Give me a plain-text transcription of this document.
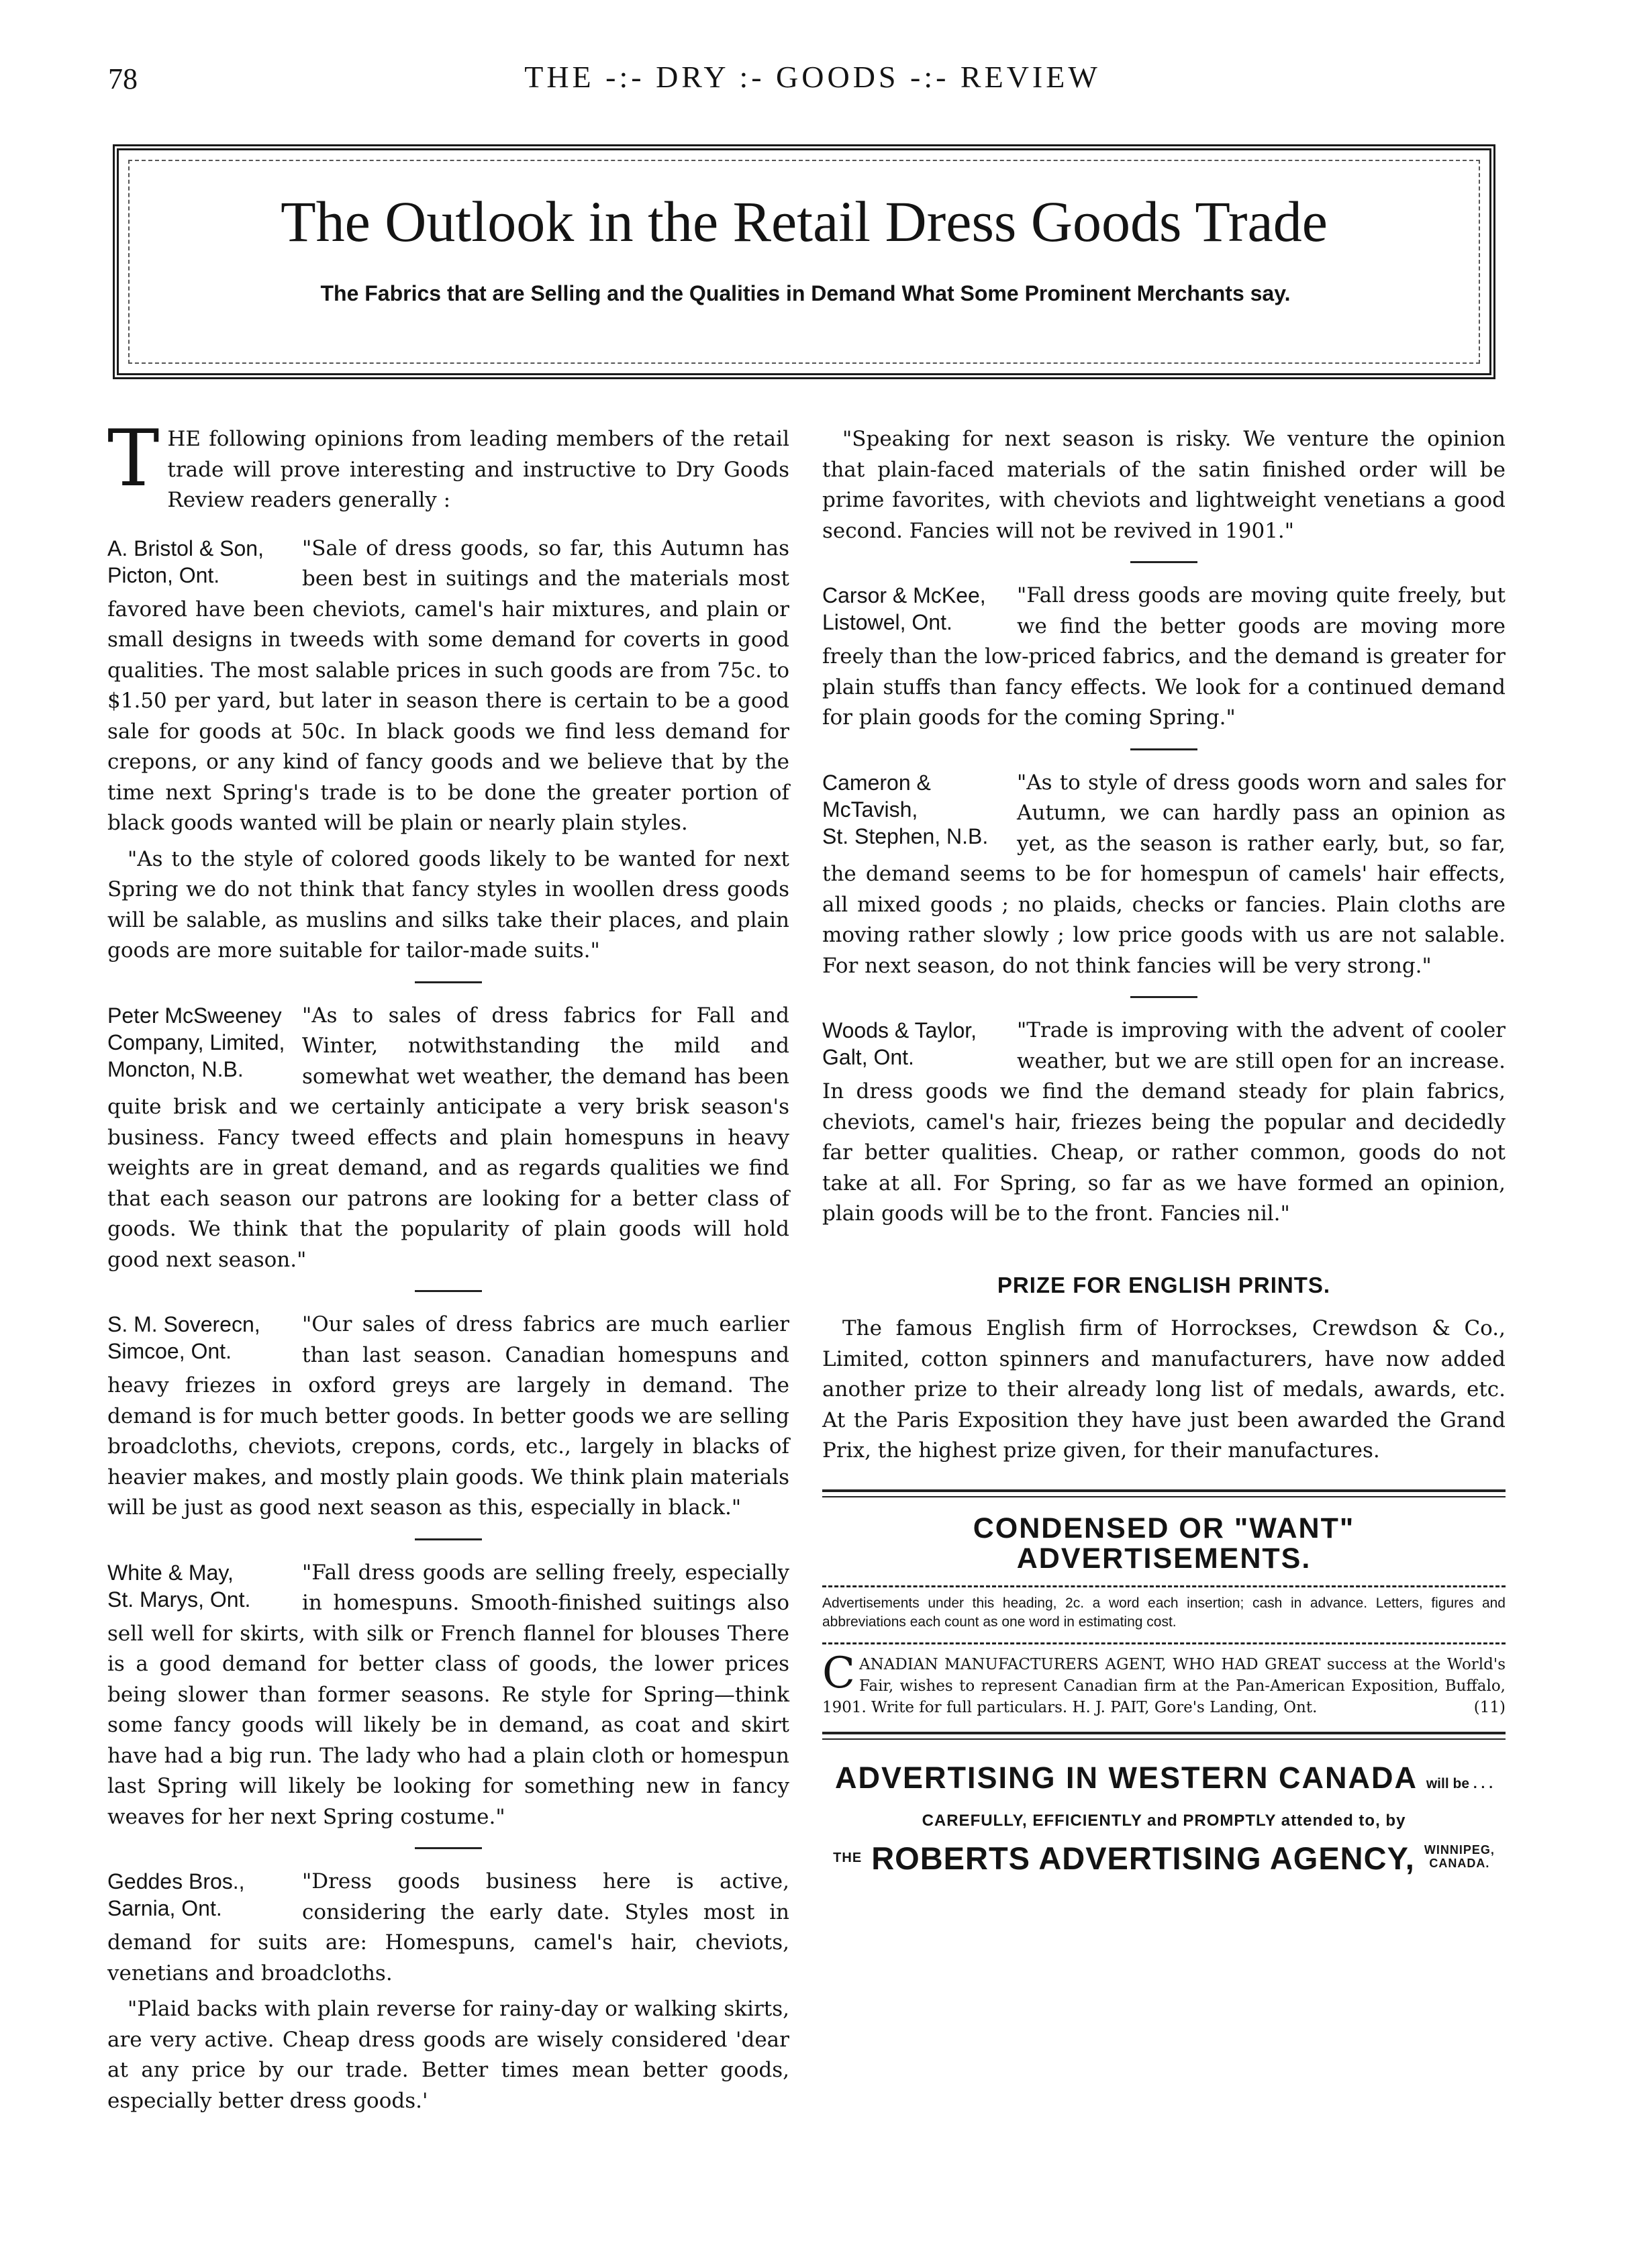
78	THE -:- DRY :- GOODS -:- REVIEW
The Outlook in the Retail Dress Goods Trade
The Fabrics that are Selling and the Qualities in Demand What Some Prominent Merchants say.

THE following opinions from leading members of the retail trade will prove interesting and instructive to Dry Goods Review readers generally :

A. Bristol & Son,
Picton, Ont.

"Sale of dress goods, so far, this Autumn has been best in suitings and the materials most favored have been cheviots, camel's hair mixtures, and plain or small designs in tweeds with some demand for coverts in good qualities. The most salable prices in such goods are from 75c. to $1.50 per yard, but later in season there is certain to be a good sale for goods at 50c. In black goods we find less demand for crepons, or any kind of fancy goods and we believe that by the time next Spring's trade is to be done the greater portion of black goods wanted will be plain or nearly plain styles.

"As to the style of colored goods likely to be wanted for next Spring we do not think that fancy styles in woollen dress goods will be salable, as muslins and silks take their places, and plain goods are more suitable for tailor-made suits."

Peter McSweeney
Company, Limited,
Moncton, N.B.

"As to sales of dress fabrics for Fall and Winter, notwithstanding the mild and somewhat wet weather, the demand has been quite brisk and we certainly anticipate a very brisk season's business. Fancy tweed effects and plain homespuns in heavy weights are in great demand, and as regards qualities we find that each season our patrons are looking for a better class of goods. We think that the popularity of plain goods will hold good next season."

S. M. Soverecn,
Simcoe, Ont.

"Our sales of dress fabrics are much earlier than last season. Canadian homespuns and heavy friezes in oxford greys are largely in demand. The demand is for much better goods. In better goods we are selling broadcloths, cheviots, crepons, cords, etc., largely in blacks of heavier makes, and mostly plain goods. We think plain materials will be just as good next season as this, especially in black."

White & May,
St. Marys, Ont.

"Fall dress goods are selling freely, especially in homespuns. Smooth-finished suitings also sell well for skirts, with silk or French flannel for blouses There is a good demand for better class of goods, the lower prices being slower than former seasons. Re style for Spring—think some fancy goods will likely be in demand, as coat and skirt have had a big run. The lady who had a plain cloth or homespun last Spring will likely be looking for something new in fancy weaves for her next Spring costume."

Geddes Bros.,
Sarnia, Ont.

"Dress goods business here is active, considering the early date. Styles most in demand for suits are: Homespuns, camel's hair, cheviots, venetians and broadcloths.

"Plaid backs with plain reverse for rainy-day or walking skirts, are very active. Cheap dress goods are wisely considered 'dear at any price by our trade. Better times mean better goods, especially better dress goods.'

"Speaking for next season is risky. We venture the opinion that plain-faced materials of the satin finished order will be prime favorites, with cheviots and lightweight venetians a good second. Fancies will not be revived in 1901."

Carsor & McKee,
Listowel, Ont.

"Fall dress goods are moving quite freely, but we find the better goods are moving more freely than the low-priced fabrics, and the demand is greater for plain stuffs than fancy effects. We look for a continued demand for plain goods for the coming Spring."

Cameron &
McTavish,
St. Stephen, N.B.

"As to style of dress goods worn and sales for Autumn, we can hardly pass an opinion as yet, as the season is rather early, but, so far, the demand seems to be for homespun of camels' hair effects, all mixed goods ; no plaids, checks or fancies. Plain cloths are moving rather slowly ; low price goods with us are not salable. For next season, do not think fancies will be very strong."

Woods & Taylor,
Galt, Ont.

"Trade is improving with the advent of cooler weather, but we are still open for an increase. In dress goods we find the demand steady for plain fabrics, cheviots, camel's hair, friezes being the popular and decidedly far better qualities. Cheap, or rather common, goods do not take at all. For Spring, so far as we have formed an opinion, plain goods will be to the front. Fancies nil."

PRIZE FOR ENGLISH PRINTS.

The famous English firm of Horrockses, Crewdson & Co., Limited, cotton spinners and manufacturers, have now added another prize to their already long list of medals, awards, etc. At the Paris Exposition they have just been awarded the Grand Prix, the highest prize given, for their manufactures.

CONDENSED OR "WANT" ADVERTISEMENTS.
Advertisements under this heading, 2c. a word each insertion; cash in advance. Letters, figures and abbreviations each count as one word in estimating cost.
CANADIAN MANUFACTURERS AGENT, WHO HAD GREAT success at the World's Fair, wishes to represent Canadian firm at the Pan-American Exposition, Buffalo, 1901. Write for full particulars. H. J. PAIT, Gore's Landing, Ont.	(11)
ADVERTISING IN WESTERN CANADA will be . . .
CAREFULLY, EFFICIENTLY and PROMPTLY attended to, by
$^{THE}$ ROBERTS ADVERTISING AGENCY, WINNIPEG,
CANADA.
